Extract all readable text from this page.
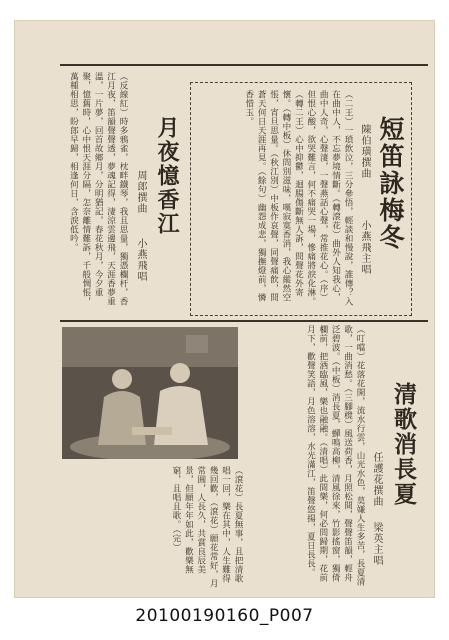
短笛詠梅冬
陳伯璜撰曲
小燕飛主唱
（二王）一瑣飲泣，三分參悟，輕談和慢說，誰傳？入在曲中人，不忘夢境情斷。（轉滾花）曲外人知我心，曲中人奇，心聲淒，一聲燕話心聲，常推花心。（序）但恨心酸，欲哭難言，何不痛哭一場，慘痛將淚化淋。（轉二王）心中抑鬱，迴腸傷斷無人訴，問聲花外寄懷。（轉中板）休問別滋味，嘆寂寞香消，我心縱然空悵，宵旦思量。（秋江別）中板作哀聲，同聲痛飲，問蒼天何日天涯再見。（餘句）幽怨成悲，獨撫燈前，憐香惜玉。
月夜憶香江
周郎撰曲
小燕飛唱
（反線紅）時多鴉雀，枕畔鐵琴，我且思量，獨憑欄杆，香江月夜，笛韻聲聲透，夢魂記得，淒涼雲邊飛，天涯香夢重溫，一片夢，回首故鄉月，分明猶記，春花秋月，今夕重聚，憶舊時，心中恨天涯分隔，怎奈離情難訴，千般惆悵，萬種相思，盼郎早歸，相逢何日，含淚低吟。
清歌消長夏
任護花撰曲
梁英主唱
（叮噹）花落花開，流水行雲，山光水色，莫嫌人生多苦，長夏清歌，一曲消愁。（三腳櫈）風送荷香，月照松間，聲聲笛韻，輕舟泛碧波。（中板）消長夏，蟬鳴高柳，清風徐來，竹影搖窗，獨倚欄前，把酒臨風，樂也融融。（清唱）此間樂，何必問歸期，花前月下，歡聲笑語，月色溶溶，水光滿江，笛聲悠揚，夏日長長。
（滾花）長夏無事，且把清歌唱一回，樂在其中，人生難得幾回歡，（滾花）願花常好，月常圓，人長久，共賞良辰美景，但願年年如此，歡樂無窮，且唱且歌。（完）
20100190160_P007
